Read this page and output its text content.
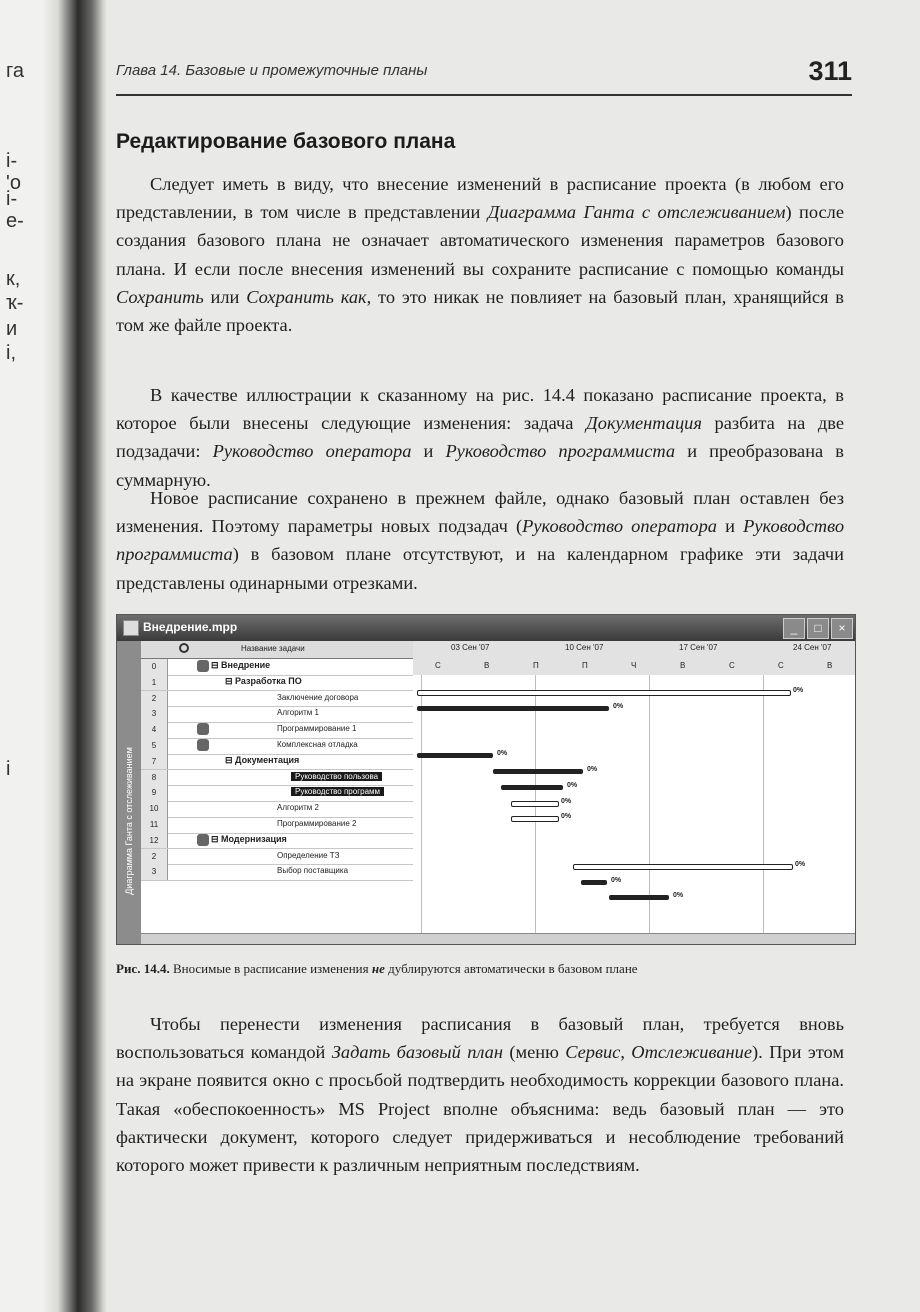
га
і-
'о
і-
е-
к,
ҡ-
и
і,
і
Глава 14. Базовые и промежуточные планы	311
Редактирование базового плана

Следует иметь в виду, что внесение изменений в расписание проекта (в любом его представлении, в том числе в представлении Диаграмма Ганта с отслеживанием) после создания базового плана не означает автоматического изменения параметров базового плана. И если после внесения изменений вы сохраните расписание с помощью команды Сохранить или Сохранить как, то это никак не повлияет на базовый план, хранящийся в том же файле проекта.

В качестве иллюстрации к сказанному на рис. 14.4 показано расписание проекта, в которое были внесены следующие изменения: задача Документация разбита на две подзадачи: Руководство оператора и Руководство программиста и преобразована в суммарную.

Новое расписание сохранено в прежнем файле, однако базовый план оставлен без изменения. Поэтому параметры новых подзадач (Руководство оператора и Руководство программиста) в базовом плане отсутствуют, и на календарном графике эти задачи представлены одинарными отрезками.

Внедрение.mpp	_	□	×
Диаграмма Ганта с отслеживанием
Название задачи
0	⊟ Внедрение
1	⊟ Разработка ПО
2	Заключение договора
3	Алгоритм 1
4	Программирование 1
5	Комплексная отладка
7	⊟ Документация
8	Руководство пользова
9	Руководство программ
10	Алгоритм 2
11	Программирование 2
12	⊟ Модернизация
2	Определение ТЗ
3	Выбор поставщика
03 Сен '07	10 Сен '07	17 Сен '07	24 Сен '07
С	В	П	П	Ч	В	С	С	В
0%
0%
0%
0%
0%
0%
0%
0%
0%
0%
Рис. 14.4. Вносимые в расписание изменения не дублируются автоматически в базовом плане

Чтобы перенести изменения расписания в базовый план, требуется вновь воспользоваться командой Задать базовый план (меню Сервис, Отслеживание). При этом на экране появится окно с просьбой подтвердить необходимость коррекции базового плана. Такая «обеспокоенность» MS Project вполне объяснима: ведь базовый план — это фактически документ, которого следует придерживаться и несоблюдение требований которого может привести к различным неприятным последствиям.
